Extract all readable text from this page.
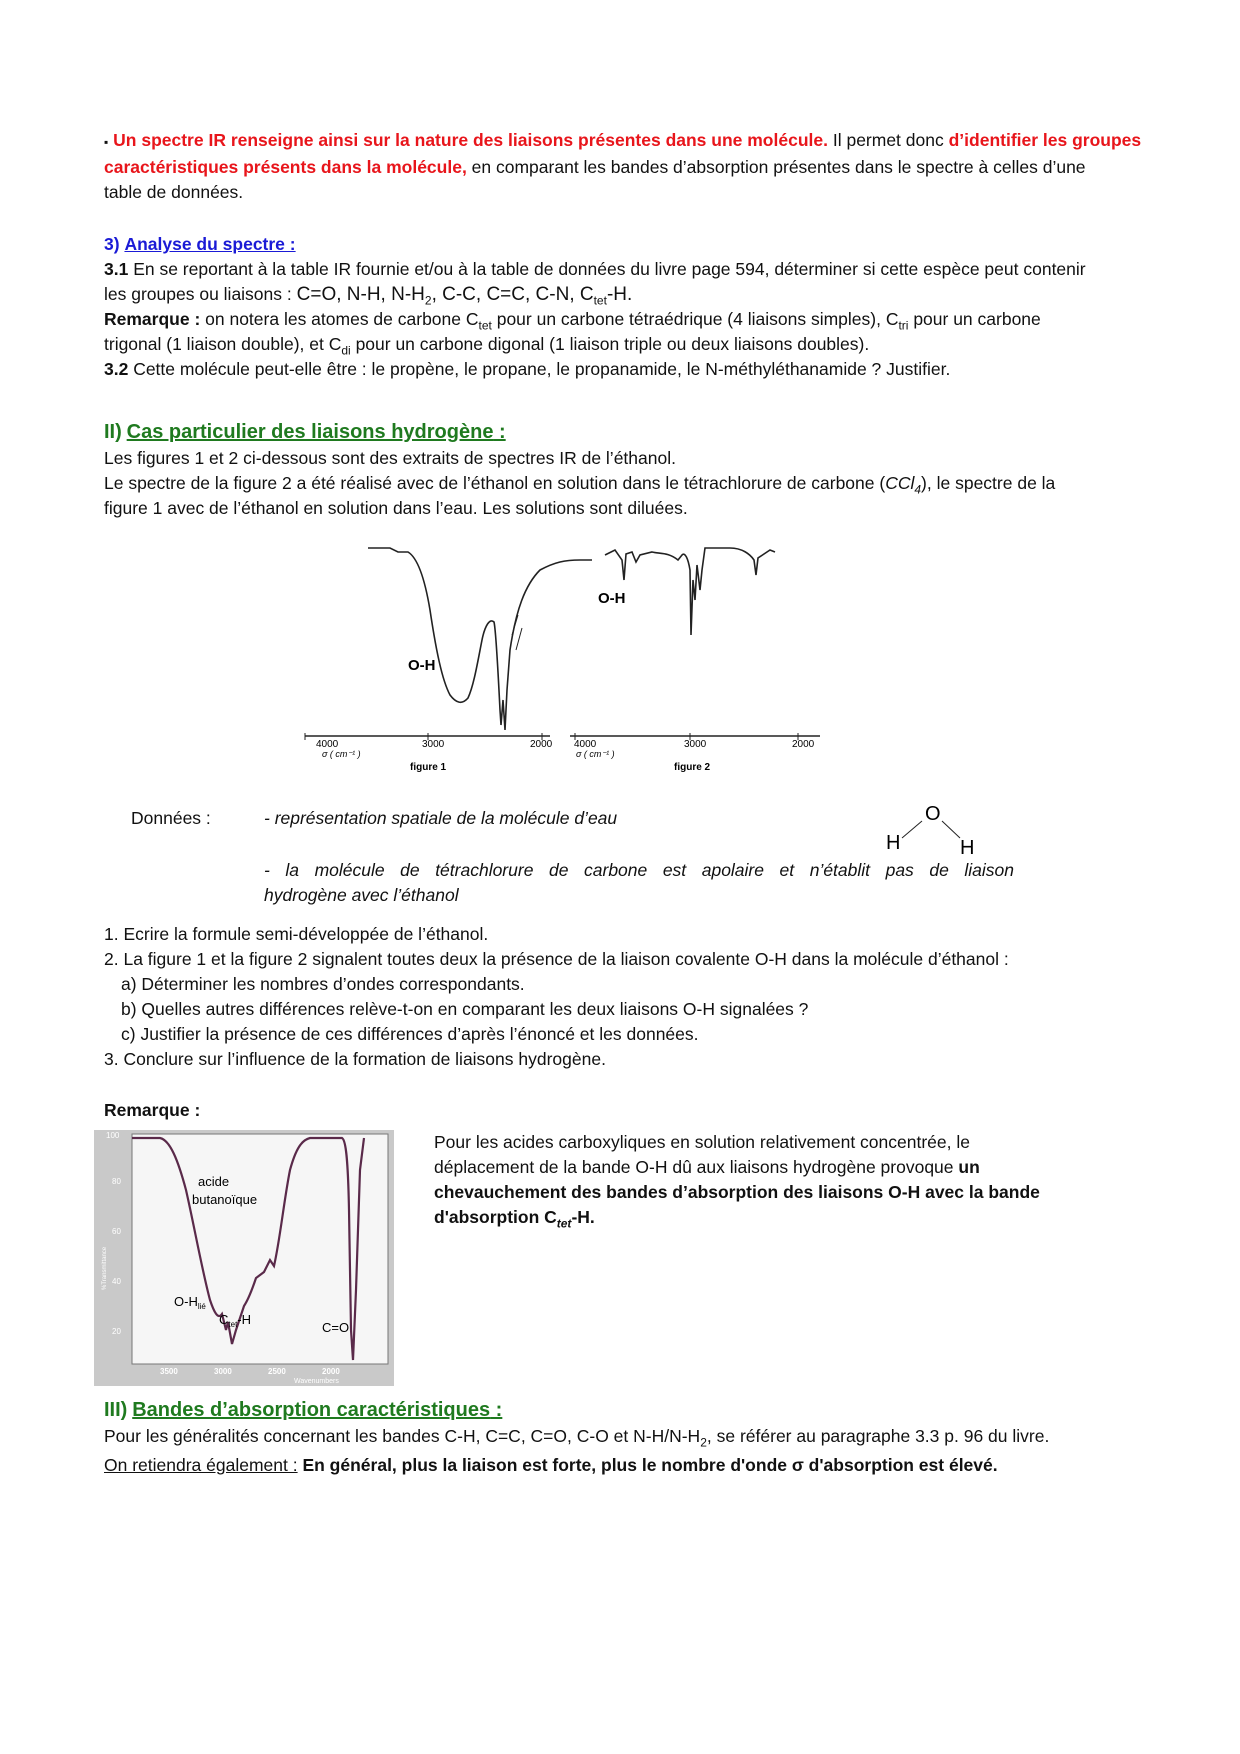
▪ Un spectre IR renseigne ainsi sur la nature des liaisons présentes dans une molécule. Il permet donc d’identifier les groupes
caractéristiques présents dans la molécule, en comparant les bandes d’absorption présentes dans le spectre à celles d’une
table de données.
3) Analyse du spectre :
3.1 En se reportant à la table IR fournie et/ou à la table de données du livre page 594, déterminer si cette espèce peut contenir
les groupes ou liaisons : C=O, N-H, $N-H_2$, C-C, C=C, C-N, $C_{tet}-H$.
Remarque : on notera les atomes de carbone $C_{tet}$ pour un carbone tétraédrique (4 liaisons simples), $C_{tri}$ pour un carbone
trigonal (1 liaison double), et $C_{di}$ pour un carbone digonal (1 liaison triple ou deux liaisons doubles).
3.2 Cette molécule peut-elle être : le propène, le propane, le propanamide, le N-méthyléthanamide ? Justifier.
II) Cas particulier des liaisons hydrogène :
Les figures 1 et 2 ci-dessous sont des extraits de spectres IR de l’éthanol.
Le spectre de la figure 2 a été réalisé avec de l’éthanol en solution dans le tétrachlorure de carbone (CCl$_4$), le spectre de la
figure 1 avec de l’éthanol en solution dans l’eau. Les solutions sont diluées.
O-H
O-H
4000	3000	2000
σ ( cm⁻¹ )
figure 1
4000	3000	2000
σ ( cm⁻¹ )
figure 2
Données :	- représentation spatiale de la molécule d’eau	O
H	H
- la molécule de tétrachlorure de carbone est apolaire et n’établit pas de liaison
hydrogène avec l’éthanol
1. Ecrire la formule semi-développée de l’éthanol.
2. La figure 1 et la figure 2 signalent toutes deux la présence de la liaison covalente O-H dans la molécule d’éthanol :
a) Déterminer les nombres d’ondes correspondants.
b) Quelles autres différences relève-t-on en comparant les deux liaisons O-H signalées ?
c) Justifier la présence de ces différences d’après l’énoncé et les données.
3. Conclure sur l’influence de la formation de liaisons hydrogène.
Remarque :
100
80
60
40
20
%Transmittance
acide
butanoïque
$O-H_{lié}$
$C_{tet}-H$
C=O
3500	3000	2500	2000
Wavenumbers
Pour les acides carboxyliques en solution relativement concentrée, le
déplacement de la bande O-H dû aux liaisons hydrogène provoque un
chevauchement des bandes d’absorption des liaisons O-H avec la bande
d'absorption $C_{tet}-H$.
III) Bandes d’absorption caractéristiques :
Pour les généralités concernant les bandes C-H, C=C, C=O, C-O et $N-H/N-H_2$, se référer au paragraphe 3.3 p. 96 du livre.
On retiendra également : En général, plus la liaison est forte, plus le nombre d'onde σ d'absorption est élevé.
